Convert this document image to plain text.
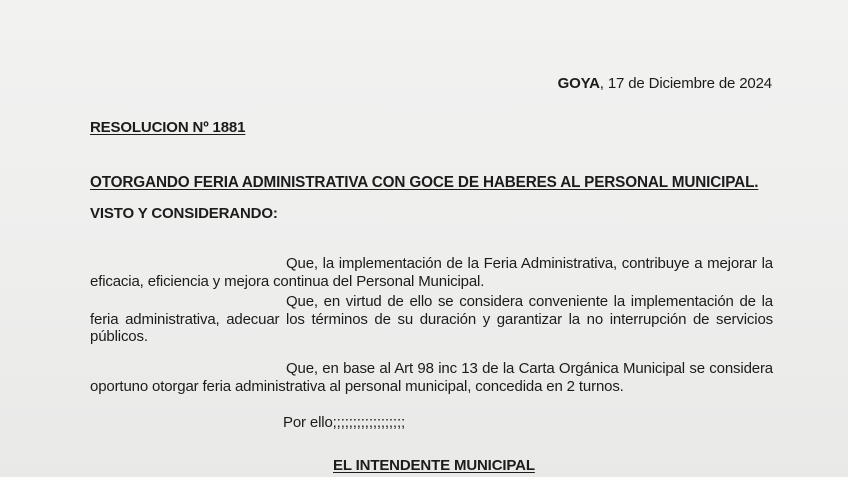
GOYA, 17 de Diciembre de 2024
RESOLUCION Nº 1881
OTORGANDO FERIA ADMINISTRATIVA CON GOCE DE HABERES AL PERSONAL MUNICIPAL.
VISTO Y CONSIDERANDO:
Que, la implementación de la Feria Administrativa, contribuye a mejorar la eficacia, eficiencia y mejora continua del Personal Municipal.
Que, en virtud de ello se considera conveniente la implementación de la feria administrativa, adecuar los términos de su duración y garantizar la no interrupción de servicios públicos.
Que, en base al Art 98 inc 13 de la Carta Orgánica Municipal se considera oportuno otorgar feria administrativa al personal municipal, concedida en 2 turnos.
Por ello;;;;;;;;;;;;;;;;;;
EL INTENDENTE MUNICIPAL
